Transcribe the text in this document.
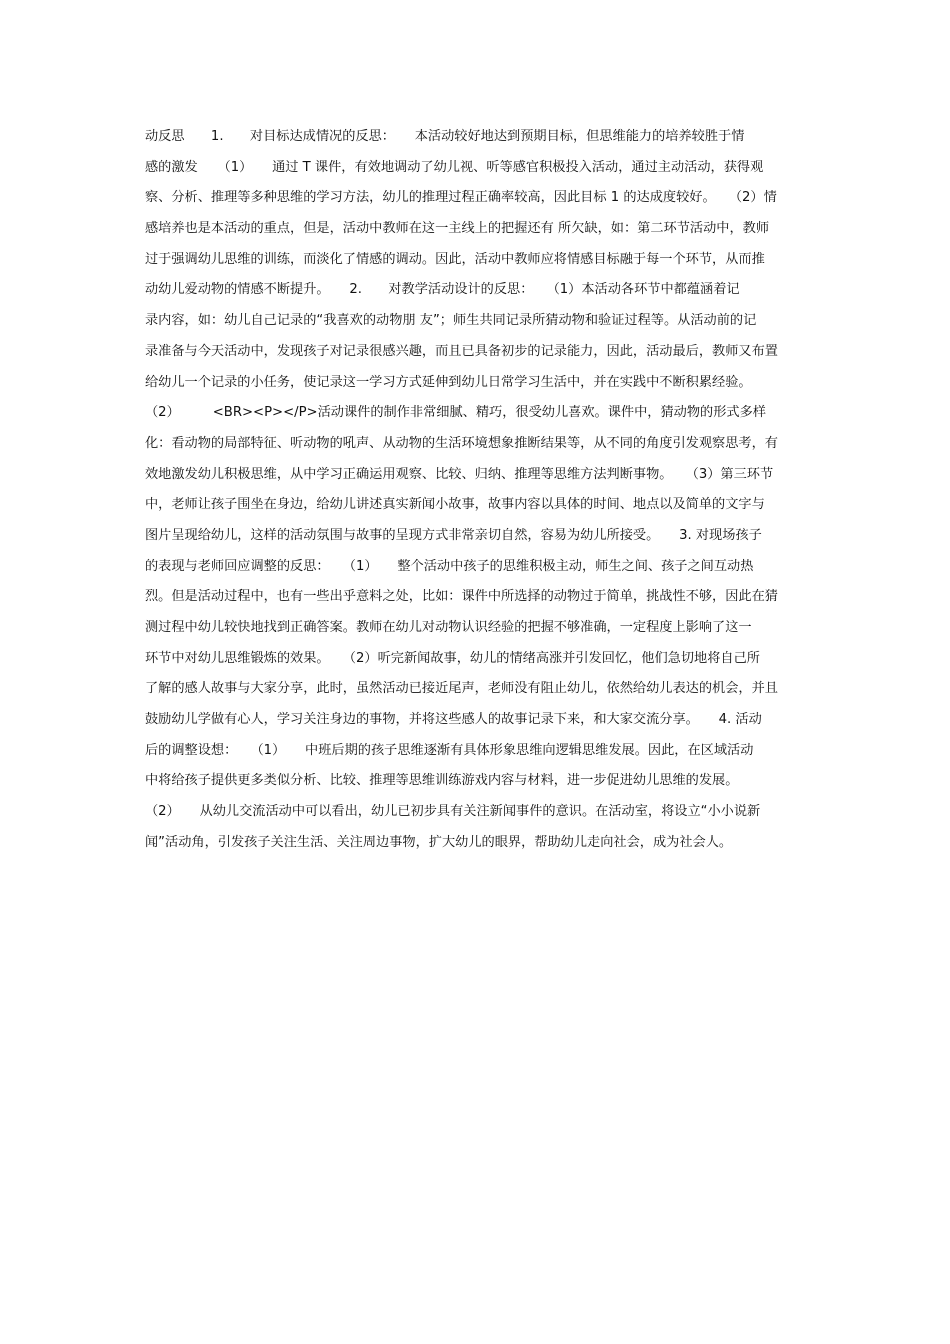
动反思　　1.　　对目标达成情况的反思：　　本活动较好地达到预期目标，但思维能力的培养较胜于情
感的激发　　（1）　　通过 T 课件，有效地调动了幼儿视、听等感官积极投入活动，通过主动活动，获得观
察、分析、推理等多种思维的学习方法，幼儿的推理过程正确率较高，因此目标 1 的达成度较好。　　（2）情
感培养也是本活动的重点，但是，活动中教师在这一主线上的把握还有 所欠缺，如：第二环节活动中，教师
过于强调幼儿思维的训练，而淡化了情感的调动。因此，活动中教师应将情感目标融于每一个环节，从而推
动幼儿爱动物的情感不断提升。　　2.　　对教学活动设计的反思：　　（1）本活动各环节中都蕴涵着记
录内容，如：幼儿自己记录的“我喜欢的动物朋 友”；师生共同记录所猜动物和验证过程等。从活动前的记
录准备与今天活动中，发现孩子对记录很感兴趣，而且已具备初步的记录能力，因此，活动最后，教师又布置
给幼儿一个记录的小任务，使记录这一学习方式延伸到幼儿日常学习生活中，并在实践中不断积累经验。
（2）　　　<BR><P></P>活动课件的制作非常细腻、精巧，很受幼儿喜欢。课件中，猜动物的形式多样
化：看动物的局部特征、听动物的吼声、从动物的生活环境想象推断结果等，从不同的角度引发观察思考，有
效地激发幼儿积极思维，从中学习正确运用观察、比较、归纳、推理等思维方法判断事物。　　（3）第三环节
中，老师让孩子围坐在身边，给幼儿讲述真实新闻小故事，故事内容以具体的时间、地点以及简单的文字与
图片呈现给幼儿，这样的活动氛围与故事的呈现方式非常亲切自然，容易为幼儿所接受。　　3. 对现场孩子
的表现与老师回应调整的反思：　　（1）　　整个活动中孩子的思维积极主动，师生之间、孩子之间互动热
烈。但是活动过程中，也有一些出乎意料之处，比如：课件中所选择的动物过于简单，挑战性不够，因此在猜
测过程中幼儿较快地找到正确答案。教师在幼儿对动物认识经验的把握不够准确，一定程度上影响了这一
环节中对幼儿思维锻炼的效果。　　（2）听完新闻故事，幼儿的情绪高涨并引发回忆，他们急切地将自己所
了解的感人故事与大家分享，此时，虽然活动已接近尾声，老师没有阻止幼儿，依然给幼儿表达的机会，并且
鼓励幼儿学做有心人，学习关注身边的事物，并将这些感人的故事记录下来，和大家交流分享。　　4. 活动
后的调整设想：　　（1）　　中班后期的孩子思维逐渐有具体形象思维向逻辑思维发展。因此，在区域活动
中将给孩子提供更多类似分析、比较、推理等思维训练游戏内容与材料，进一步促进幼儿思维的发展。
（2）　　从幼儿交流活动中可以看出，幼儿已初步具有关注新闻事件的意识。在活动室，将设立“小小说新
闻”活动角，引发孩子关注生活、关注周边事物，扩大幼儿的眼界，帮助幼儿走向社会，成为社会人。
